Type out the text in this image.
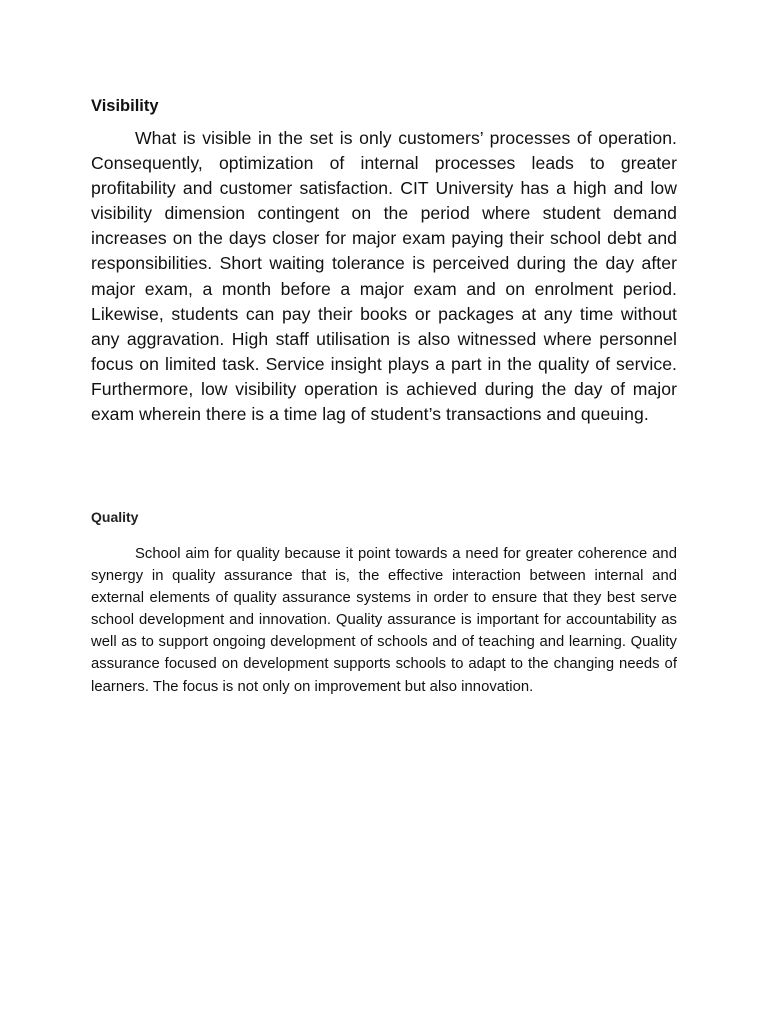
Visibility

What is visible in the set is only customers’ processes of operation. Consequently, optimization of internal processes leads to greater profitability and customer satisfaction. CIT University has a high and low visibility dimension contingent on the period where student demand increases on the days closer for major exam paying their school debt and responsibilities. Short waiting tolerance is perceived during the day after major exam, a month before a major exam and on enrolment period. Likewise, students can pay their books or packages at any time without any aggravation. High staff utilisation is also witnessed where personnel focus on limited task. Service insight plays a part in the quality of service. Furthermore, low visibility operation is achieved during the day of major exam wherein there is a time lag of student’s transactions and queuing.

Quality

School aim for quality because it point towards a need for greater coherence and synergy in quality assurance that is, the effective interaction between internal and external elements of quality assurance systems in order to ensure that they best serve school development and innovation. Quality assurance is important for accountability as well as to support ongoing development of schools and of teaching and learning. Quality assurance focused on development supports schools to adapt to the changing needs of learners. The focus is not only on improvement but also innovation.
